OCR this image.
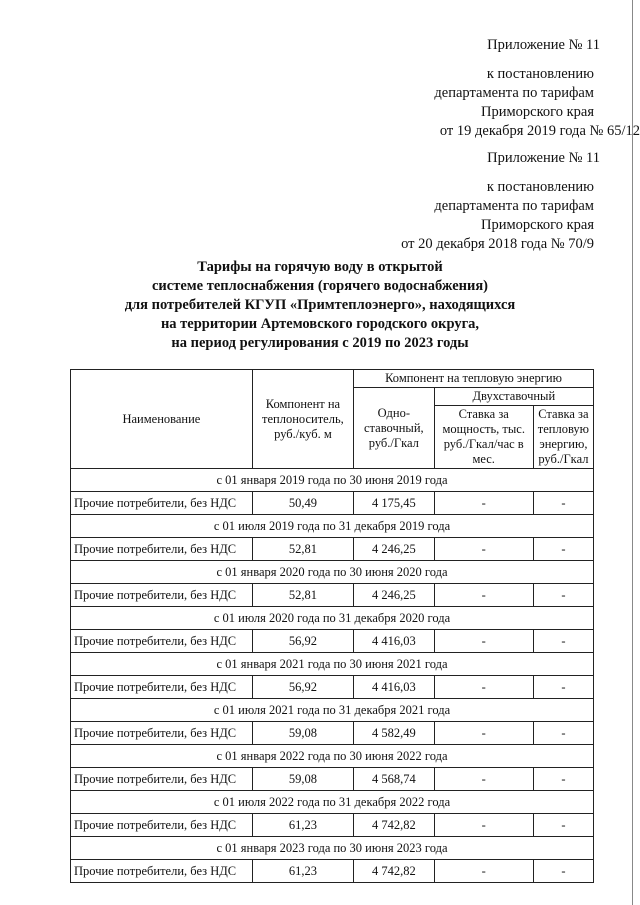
Приложение № 11
к постановлению
департамента по тарифам
Приморского края
от 19 декабря 2019 года № 65/12
Приложение № 11
к постановлению
департамента по тарифам
Приморского края
от 20 декабря 2018 года № 70/9
Тарифы на горячую воду в открытой
системе теплоснабжения (горячего водоснабжения)
для потребителей КГУП «Примтеплоэнерго», находящихся
на территории Артемовского городского округа,
на период регулирования с 2019 по 2023 годы
Наименование	Компонент на теплоноситель, руб./куб. м	Компонент на тепловую энергию		
		Одно-ставочный, руб./Гкал	Двухставочный	
			Ставка за мощность, тыс. руб./Гкал/час в мес.	Ставка за тепловую энергию, руб./Гкал
с 01 января 2019 года по 30 июня 2019 года				
Прочие потребители, без НДС	50,49	4 175,45	-	-
с 01 июля 2019 года по 31 декабря 2019 года				
Прочие потребители, без НДС	52,81	4 246,25	-	-
с 01 января 2020 года по 30 июня 2020 года				
Прочие потребители, без НДС	52,81	4 246,25	-	-
с 01 июля 2020 года по 31 декабря 2020 года				
Прочие потребители, без НДС	56,92	4 416,03	-	-
с 01 января 2021 года по 30 июня 2021 года				
Прочие потребители, без НДС	56,92	4 416,03	-	-
с 01 июля 2021 года по 31 декабря 2021 года				
Прочие потребители, без НДС	59,08	4 582,49	-	-
с 01 января 2022 года по 30 июня 2022 года				
Прочие потребители, без НДС	59,08	4 568,74	-	-
с 01 июля 2022 года по 31 декабря 2022 года				
Прочие потребители, без НДС	61,23	4 742,82	-	-
с 01 января 2023 года по 30 июня 2023 года				
Прочие потребители, без НДС	61,23	4 742,82	-	-
